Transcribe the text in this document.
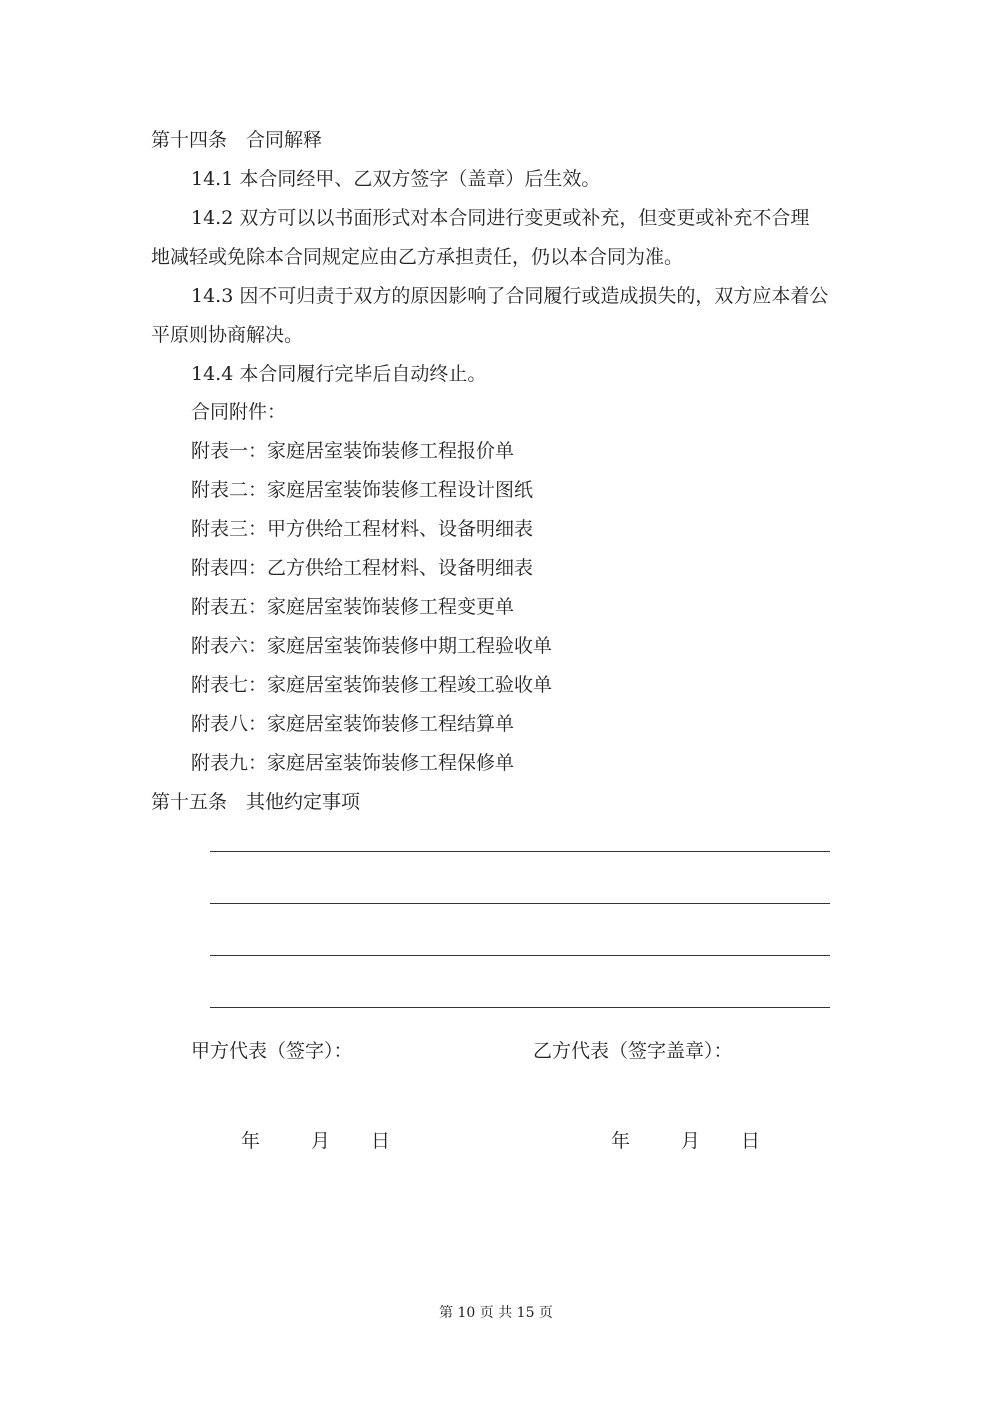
第十四条　合同解释
14.1 本合同经甲、乙双方签字（盖章）后生效。
14.2 双方可以以书面形式对本合同进行变更或补充，但变更或补充不合理
地减轻或免除本合同规定应由乙方承担责任，仍以本合同为准。
14.3 因不可归责于双方的原因影响了合同履行或造成损失的，双方应本着公
平原则协商解决。
14.4 本合同履行完毕后自动终止。
合同附件：
附表一：家庭居室装饰装修工程报价单
附表二：家庭居室装饰装修工程设计图纸
附表三：甲方供给工程材料、设备明细表
附表四：乙方供给工程材料、设备明细表
附表五：家庭居室装饰装修工程变更单
附表六：家庭居室装饰装修中期工程验收单
附表七：家庭居室装饰装修工程竣工验收单
附表八：家庭居室装饰装修工程结算单
附表九：家庭居室装饰装修工程保修单
第十五条　其他约定事项
甲方代表（签字）：	乙方代表（签字盖章）：
年	月 日	年	月 日
第 10 页 共 15 页
